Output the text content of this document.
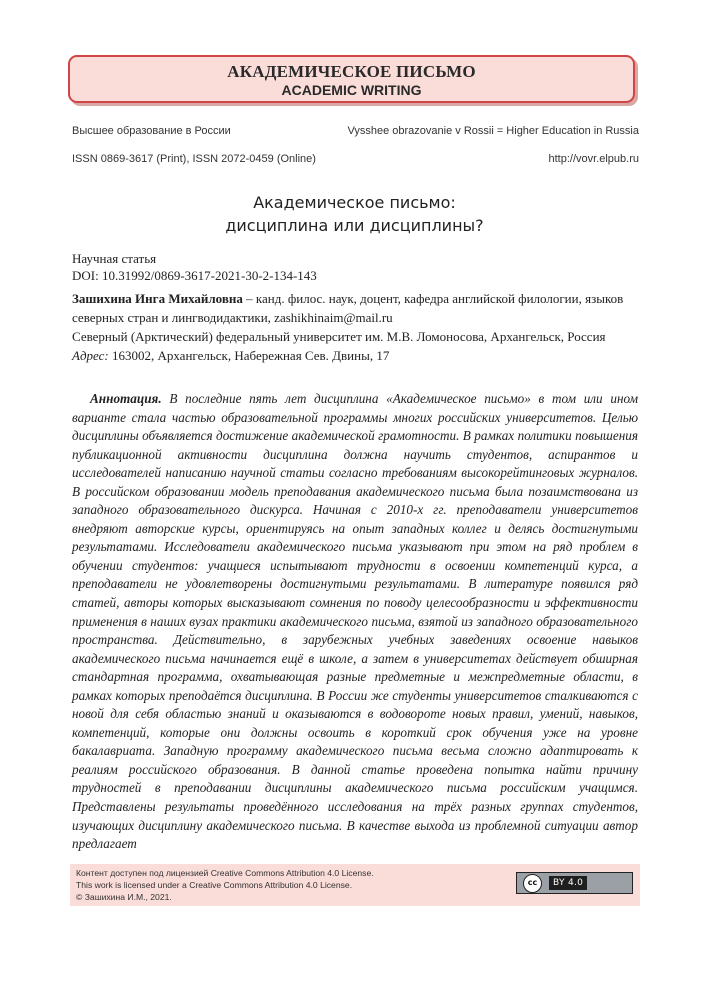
АКАДЕМИЧЕСКОЕ ПИСЬМО
ACADEMIC WRITING
Высшее образование в России	Vysshee obrazovanie v Rossii = Higher Education in Russia
ISSN 0869-3617 (Print), ISSN 2072-0459 (Online)	http://vovr.elpub.ru
Академическое письмо:
дисциплина или дисциплины?
Научная статья
DOI: 10.31992/0869-3617-2021-30-2-134-143
Зашихина Инга Михайловна – канд. филос. наук, доцент, кафедра английской филологии, языков северных стран и лингводидактики, zashikhinaim@mail.ru
Северный (Арктический) федеральный университет им. М.В. Ломоносова, Архангельск, Россия
Адрес: 163002, Архангельск, Набережная Сев. Двины, 17
Аннотация. В последние пять лет дисциплина «Академическое письмо» в том или ином варианте стала частью образовательной программы многих российских университетов. Целью дисциплины объявляется достижение академической грамотности. В рамках политики повышения публикационной активности дисциплина должна научить студентов, аспирантов и исследователей написанию научной статьи согласно требованиям высокорейтинговых журналов. В российском образовании модель преподавания академического письма была позаимствована из западного образовательного дискурса. Начиная с 2010-х гг. преподаватели университетов внедряют авторские курсы, ориентируясь на опыт западных коллег и делясь достигнутыми результатами. Исследователи академического письма указывают при этом на ряд проблем в обучении студентов: учащиеся испытывают трудности в освоении компетенций курса, а преподаватели не удовлетворены достигнутыми результатами. В литературе появился ряд статей, авторы которых высказывают сомнения по поводу целесообразности и эффективности применения в наших вузах практики академического письма, взятой из западного образовательного пространства. Действительно, в зарубежных учебных заведениях освоение навыков академического письма начинается ещё в школе, а затем в университетах действует обширная стандартная программа, охватывающая разные предметные и межпредметные области, в рамках которых преподаётся дисциплина. В России же студенты университетов сталкиваются с новой для себя областью знаний и оказываются в водовороте новых правил, умений, навыков, компетенций, которые они должны освоить в короткий срок обучения уже на уровне бакалавриата. Западную программу академического письма весьма сложно адаптировать к реалиям российского образования. В данной статье проведена попытка найти причину трудностей в преподавании дисциплины академического письма российским учащимся. Представлены результаты проведённого исследования на трёх разных группах студентов, изучающих дисциплину академического письма. В качестве выхода из проблемной ситуации автор предлагает
Контент доступен под лицензией Creative Commons Attribution 4.0 License.
This work is licensed under a Creative Commons Attribution 4.0 License.
© Зашихина И.М., 2021.
cc	BY 4.0
